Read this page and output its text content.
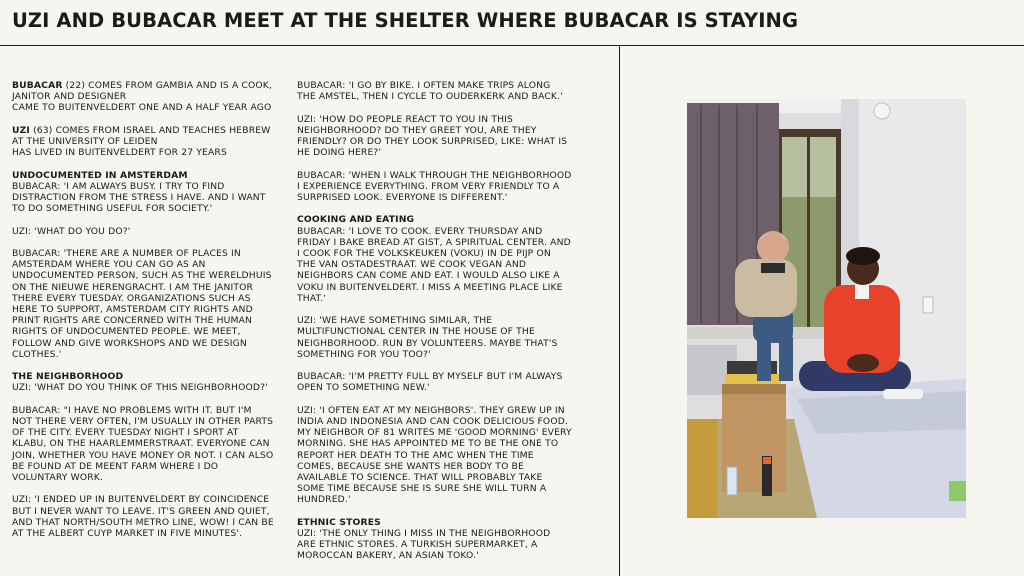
UZI AND BUBACAR MEET AT THE SHELTER WHERE BUBACAR IS STAYING

BUBACAR (22) COMES FROM GAMBIA AND IS A COOK, JANITOR AND DESIGNER
CAME TO BUITENVELDERT ONE AND A HALF YEAR AGO

UZI (63) COMES FROM ISRAEL AND TEACHES HEBREW AT THE UNIVERSITY OF LEIDEN
HAS LIVED IN BUITENVELDERT FOR 27 YEARS

UNDOCUMENTED IN AMSTERDAM

BUBACAR: 'I AM ALWAYS BUSY. I TRY TO FIND DISTRACTION FROM THE STRESS I HAVE. AND I WANT TO DO SOMETHING USEFUL FOR SOCIETY.'

UZI: 'WHAT DO YOU DO?'

BUBACAR: 'THERE ARE A NUMBER OF PLACES IN AMSTERDAM WHERE YOU CAN GO AS AN UNDOCUMENTED PERSON, SUCH AS THE WERELDHUIS ON THE NIEUWE HERENGRACHT. I AM THE JANITOR THERE EVERY TUESDAY. ORGANIZATIONS SUCH AS HERE TO SUPPORT, AMSTERDAM CITY RIGHTS AND PRINT RIGHTS ARE CONCERNED WITH THE HUMAN RIGHTS OF UNDOCUMENTED PEOPLE. WE MEET, FOLLOW AND GIVE WORKSHOPS AND WE DESIGN CLOTHES.'

THE NEIGHBORHOOD

UZI: 'WHAT DO YOU THINK OF THIS NEIGHBORHOOD?'

BUBACAR: "I HAVE NO PROBLEMS WITH IT. BUT I'M NOT THERE VERY OFTEN, I'M USUALLY IN OTHER PARTS OF THE CITY. EVERY TUESDAY NIGHT I SPORT AT KLABU, ON THE HAARLEMMERSTRAAT. EVERYONE CAN JOIN, WHETHER YOU HAVE MONEY OR NOT. I CAN ALSO BE FOUND AT DE MEENT FARM WHERE I DO VOLUNTARY WORK.

UZI: 'I ENDED UP IN BUITENVELDERT BY COINCIDENCE BUT I NEVER WANT TO LEAVE. IT'S GREEN AND QUIET, AND THAT NORTH/SOUTH METRO LINE, WOW! I CAN BE AT THE ALBERT CUYP MARKET IN FIVE MINUTES'.

BUBACAR: 'I GO BY BIKE. I OFTEN MAKE TRIPS ALONG THE AMSTEL, THEN I CYCLE TO OUDERKERK AND BACK.'

UZI: 'HOW DO PEOPLE REACT TO YOU IN THIS NEIGHBORHOOD? DO THEY GREET YOU, ARE THEY FRIENDLY? OR DO THEY LOOK SURPRISED, LIKE: WHAT IS HE DOING HERE?'

BUBACAR: 'WHEN I WALK THROUGH THE NEIGHBORHOOD I EXPERIENCE EVERYTHING. FROM VERY FRIENDLY TO A SURPRISED LOOK. EVERYONE IS DIFFERENT.'

COOKING AND EATING

BUBACAR: 'I LOVE TO COOK. EVERY THURSDAY AND FRIDAY I BAKE BREAD AT GIST, A SPIRITUAL CENTER. AND I COOK FOR THE VOLKSKEUKEN (VOKU) IN DE PIJP ON THE VAN OSTADESTRAAT. WE COOK VEGAN AND NEIGHBORS CAN COME AND EAT. I WOULD ALSO LIKE A VOKU IN BUITENVELDERT. I MISS A MEETING PLACE LIKE THAT.'

UZI: 'WE HAVE SOMETHING SIMILAR, THE MULTIFUNCTIONAL CENTER IN THE HOUSE OF THE NEIGHBORHOOD. RUN BY VOLUNTEERS. MAYBE THAT'S SOMETHING FOR YOU TOO?'

BUBACAR: 'I'M PRETTY FULL BY MYSELF BUT I'M ALWAYS OPEN TO SOMETHING NEW.'

UZI: 'I OFTEN EAT AT MY NEIGHBORS'. THEY GREW UP IN INDIA AND INDONESIA AND CAN COOK DELICIOUS FOOD. MY NEIGHBOR OF 81 WRITES ME 'GOOD MORNING' EVERY MORNING. SHE HAS APPOINTED ME TO BE THE ONE TO REPORT HER DEATH TO THE AMC WHEN THE TIME COMES, BECAUSE SHE WANTS HER BODY TO BE AVAILABLE TO SCIENCE. THAT WILL PROBABLY TAKE SOME TIME BECAUSE SHE IS SURE SHE WILL TURN A HUNDRED.'

ETHNIC STORES

UZI: 'THE ONLY THING I MISS IN THE NEIGHBORHOOD ARE ETHNIC STORES. A TURKISH SUPERMARKET, A MOROCCAN BAKERY, AN ASIAN TOKO.'
